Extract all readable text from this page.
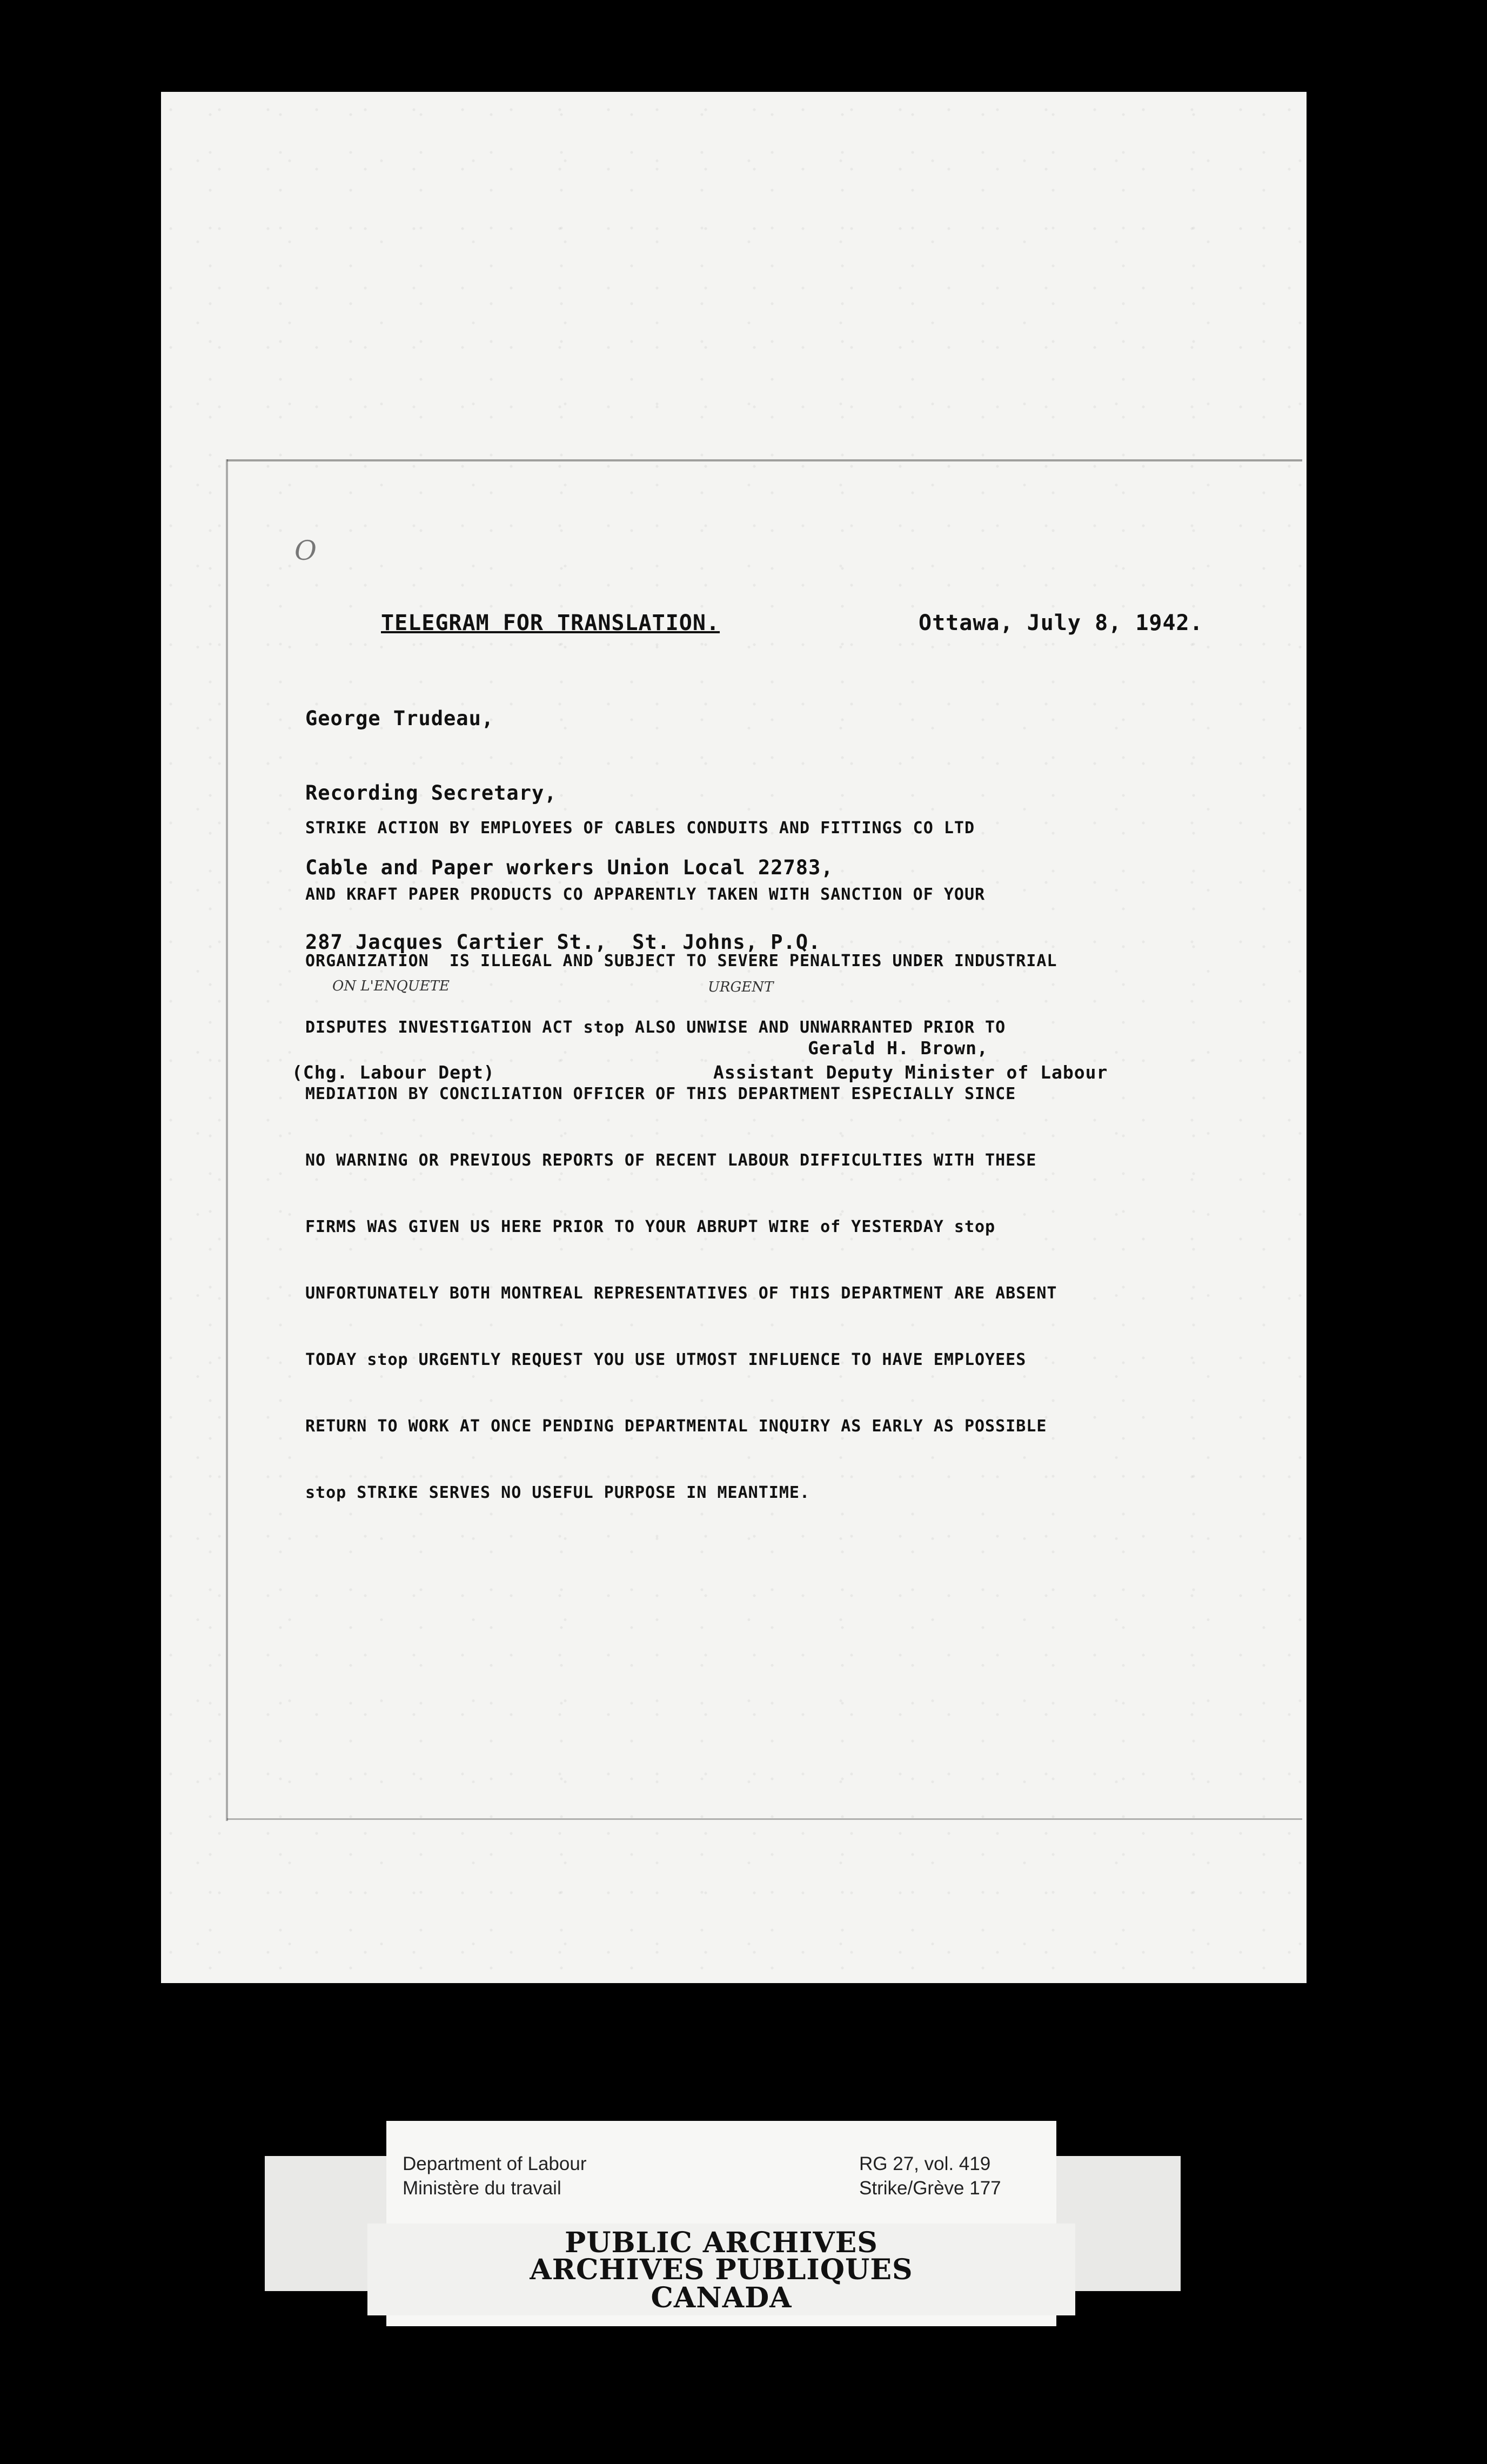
O
TELEGRAM FOR TRANSLATION.	Ottawa, July 8, 1942.

George Trudeau,

Recording Secretary,

Cable and Paper workers Union Local 22783,

287 Jacques Cartier St.,  St. Johns, P.Q.

STRIKE ACTION BY EMPLOYEES OF CABLES CONDUITS AND FITTINGS CO LTD

AND KRAFT PAPER PRODUCTS CO APPARENTLY TAKEN WITH SANCTION OF YOUR

ORGANIZATION  IS ILLEGAL AND SUBJECT TO SEVERE PENALTIES UNDER INDUSTRIAL

DISPUTES INVESTIGATION ACT stop ALSO UNWISE AND UNWARRANTED PRIOR TO

MEDIATION BY CONCILIATION OFFICER OF THIS DEPARTMENT ESPECIALLY SINCE

NO WARNING OR PREVIOUS REPORTS OF RECENT LABOUR DIFFICULTIES WITH THESE

FIRMS WAS GIVEN US HERE PRIOR TO YOUR ABRUPT WIRE of YESTERDAY stop

UNFORTUNATELY BOTH MONTREAL REPRESENTATIVES OF THIS DEPARTMENT ARE ABSENT

TODAY stop URGENTLY REQUEST YOU USE UTMOST INFLUENCE TO HAVE EMPLOYEES

RETURN TO WORK AT ONCE PENDING DEPARTMENTAL INQUIRY AS EARLY AS POSSIBLE

stop STRIKE SERVES NO USEFUL PURPOSE IN MEANTIME.

ON L'ENQUETE	URGENT
Gerald H. Brown,
(Chg. Labour Dept)	Assistant Deputy Minister of Labour
Department of Labour
Ministère du travail
RG 27, vol. 419
Strike/Grève 177
PUBLIC ARCHIVES
ARCHIVES PUBLIQUES
CANADA
